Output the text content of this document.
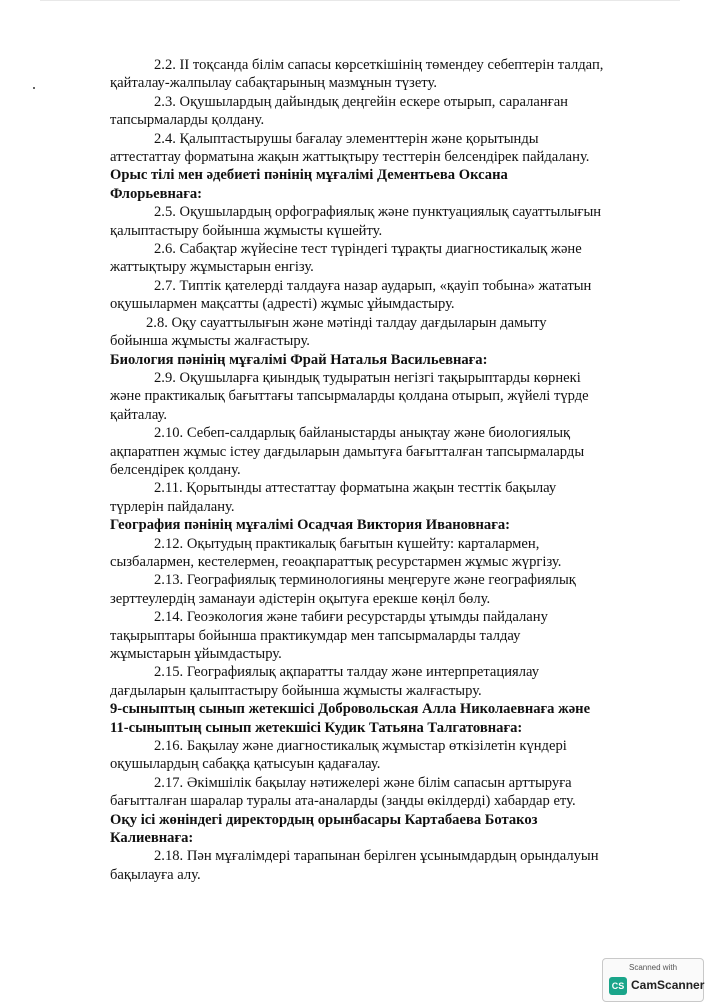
2.2. II тоқсанда білім сапасы көрсеткішінің төмендеу себептерін талдап,
қайталау-жалпылау сабақтарының мазмұнын түзету.
2.3. Оқушылардың дайындық деңгейін ескере отырып, сараланған
тапсырмаларды қолдану.
2.4. Қалыптастырушы бағалау элементтерін және қорытынды
аттестаттау форматына жақын жаттықтыру тесттерін белсендірек пайдалану.
Орыс тілі мен әдебиеті пәнінің мұғалімі Дементьева Оксана
Флорьевнаға:
2.5. Оқушылардың орфографиялық және пунктуациялық сауаттылығын
қалыптастыру бойынша жұмысты күшейту.
2.6. Сабақтар жүйесіне тест түріндегі тұрақты диагностикалық және
жаттықтыру жұмыстарын енгізу.
2.7. Типтік қателерді талдауға назар аударып, «қауіп тобына» жататын
оқушылармен мақсатты (адресті) жұмыс ұйымдастыру.
2.8. Оқу сауаттылығын және мәтінді талдау дағдыларын дамыту
бойынша жұмысты жалғастыру.
Биология пәнінің мұғалімі Фрай Наталья Васильевнаға:
2.9. Оқушыларға қиындық тудыратын негізгі тақырыптарды көрнекі
және практикалық бағыттағы тапсырмаларды қолдана отырып, жүйелі түрде
қайталау.
2.10. Себеп-салдарлық байланыстарды анықтау және биологиялық
ақпаратпен жұмыс істеу дағдыларын дамытуға бағытталған тапсырмаларды
белсендірек қолдану.
2.11. Қорытынды аттестаттау форматына жақын тесттік бақылау
түрлерін пайдалану.
География пәнінің мұғалімі Осадчая Виктория Ивановнаға:
2.12. Оқытудың практикалық бағытын күшейту: карталармен,
сызбалармен, кестелермен, геоақпараттық ресурстармен жұмыс жүргізу.
2.13. Географиялық терминологияны меңгеруге және географиялық
зерттеулердің заманауи әдістерін оқытуға ерекше көңіл бөлу.
2.14. Геоэкология және табиғи ресурстарды ұтымды пайдалану
тақырыптары бойынша практикумдар мен тапсырмаларды талдау
жұмыстарын ұйымдастыру.
2.15. Географиялық ақпаратты талдау және интерпретациялау
дағдыларын қалыптастыру бойынша жұмысты жалғастыру.
9-сыныптың сынып жетекшісі Добровольская Алла Николаевнаға және
11-сыныптың сынып жетекшісі Кудик Татьяна Талгатовнаға:
2.16. Бақылау және диагностикалық жұмыстар өткізілетін күндері
оқушылардың сабаққа қатысуын қадағалау.
2.17. Әкімшілік бақылау нәтижелері және білім сапасын арттыруға
бағытталған шаралар туралы ата-аналарды (заңды өкілдерді) хабардар ету.
Оқу ісі жөніндегі директордың орынбасары Картабаева Ботакоз
Калиевнаға:
2.18. Пән мұғалімдері тарапынан берілген ұсынымдардың орындалуын
бақылауға алу.
Scanned with
CS CamScanner
